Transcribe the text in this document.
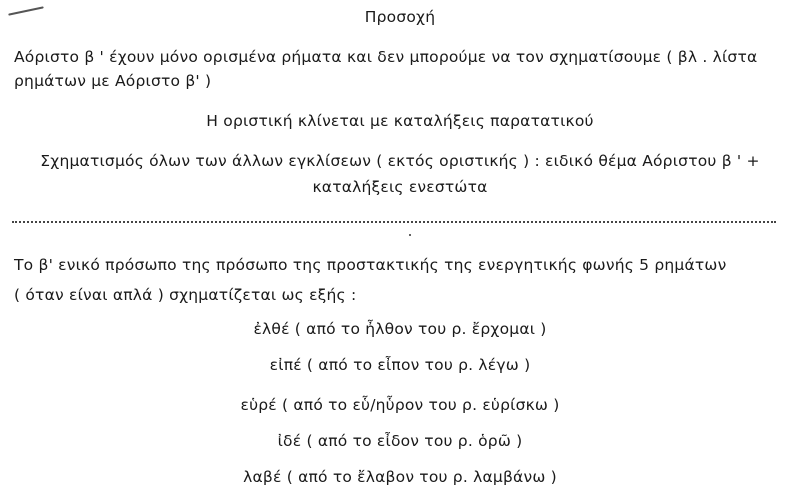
Προσοχή
Αόριστο β ' έχουν μόνο ορισμένα ρήματα και δεν μπορούμε να τον σχηματίσουμε ( βλ . λίστα
ρημάτων με Αόριστο β' )
Η οριστική κλίνεται με καταλήξεις παρατατικού
Σχηματισμός όλων των άλλων εγκλίσεων ( εκτός οριστικής ) : ειδικό θέμα Αόριστου β ' +
καταλήξεις ενεστώτα
Το β' ενικό πρόσωπο της πρόσωπο της προστακτικής της ενεργητικής φωνής 5 ρημάτων
( όταν είναι απλά ) σχηματίζεται ως εξής :
ἐλθέ ( από το ἦλθον του ρ. ἔρχομαι )
εἰπέ ( από το εἶπον του ρ. λέγω )
εὑρέ ( από το εὗ/ηὗρον του ρ. εὑρίσκω )
ἰδέ ( από το εἶδον του ρ. ὁρῶ )
λαβέ ( από το ἔλαβον του ρ. λαμβάνω )
